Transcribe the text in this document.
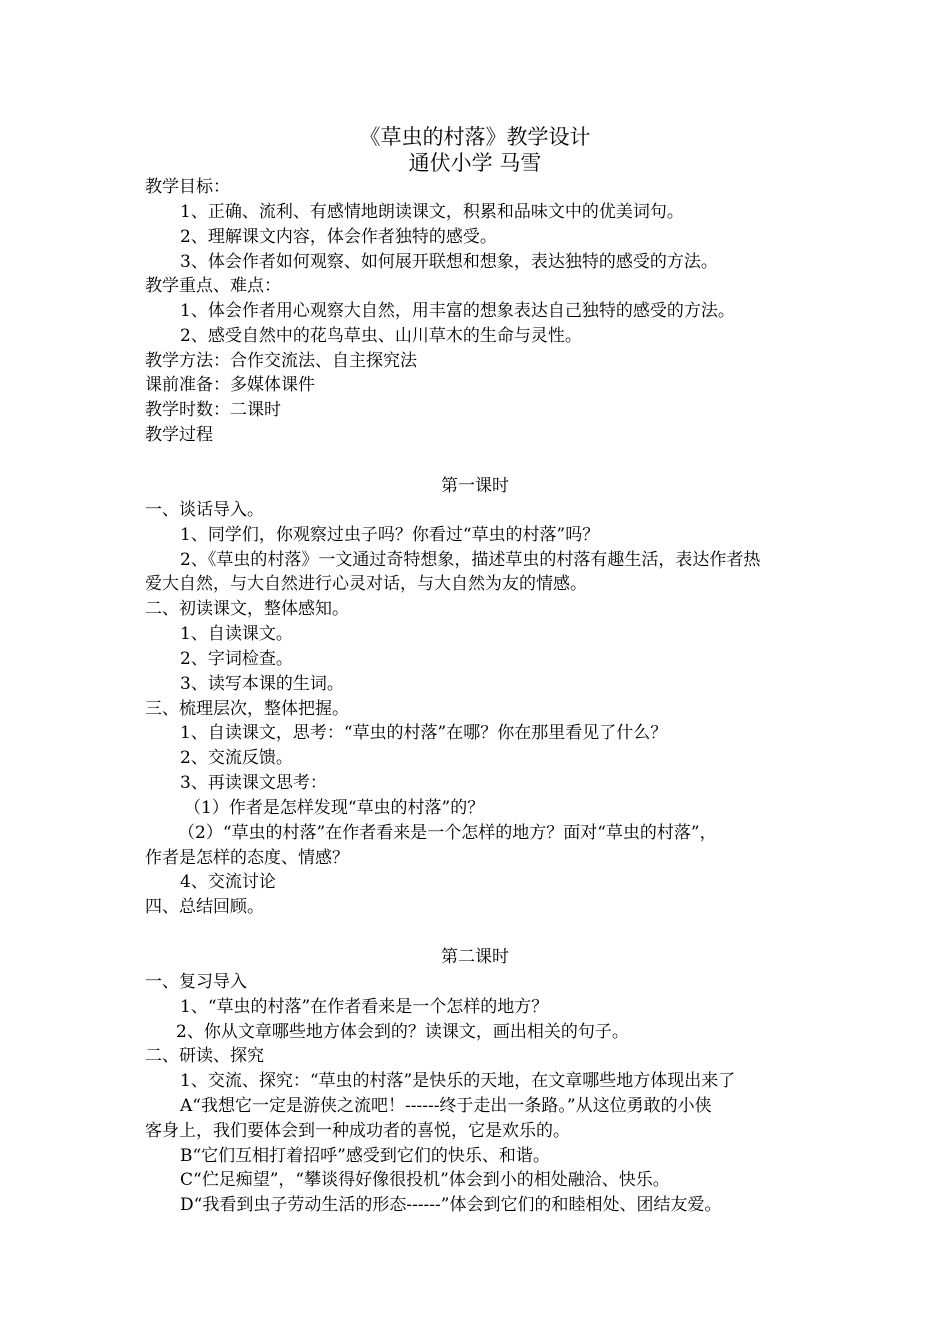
《草虫的村落》教学设计
通伏小学 马雪
教学目标：
1、正确、流利、有感情地朗读课文，积累和品味文中的优美词句。
2、理解课文内容，体会作者独特的感受。
3、体会作者如何观察、如何展开联想和想象，表达独特的感受的方法。
教学重点、难点：
1、体会作者用心观察大自然，用丰富的想象表达自己独特的感受的方法。
2、感受自然中的花鸟草虫、山川草木的生命与灵性。
教学方法：合作交流法、自主探究法
课前准备：多媒体课件
教学时数：二课时
教学过程
第一课时
一、谈话导入。
1、同学们，你观察过虫子吗？你看过“草虫的村落”吗？
2、《草虫的村落》一文通过奇特想象，描述草虫的村落有趣生活，表达作者热
爱大自然，与大自然进行心灵对话，与大自然为友的情感。
二、初读课文，整体感知。
1、自读课文。
2、字词检查。
3、读写本课的生词。
三、梳理层次，整体把握。
1、自读课文，思考：“草虫的村落”在哪？你在那里看见了什么？
2、交流反馈。
3、再读课文思考：
（1）作者是怎样发现“草虫的村落”的？
（2）“草虫的村落”在作者看来是一个怎样的地方？面对“草虫的村落”，
作者是怎样的态度、情感？
4、交流讨论
四、总结回顾。
第二课时
一、复习导入
1、“草虫的村落”在作者看来是一个怎样的地方？
2、你从文章哪些地方体会到的？读课文，画出相关的句子。
二、研读、探究
1、交流、探究：“草虫的村落”是快乐的天地，在文章哪些地方体现出来了
A“我想它一定是游侠之流吧！------终于走出一条路。”从这位勇敢的小侠
客身上，我们要体会到一种成功者的喜悦，它是欢乐的。
B“它们互相打着招呼”感受到它们的快乐、和谐。
C“伫足痴望”，“攀谈得好像很投机”体会到小的相处融洽、快乐。
D“我看到虫子劳动生活的形态------”体会到它们的和睦相处、团结友爱。
